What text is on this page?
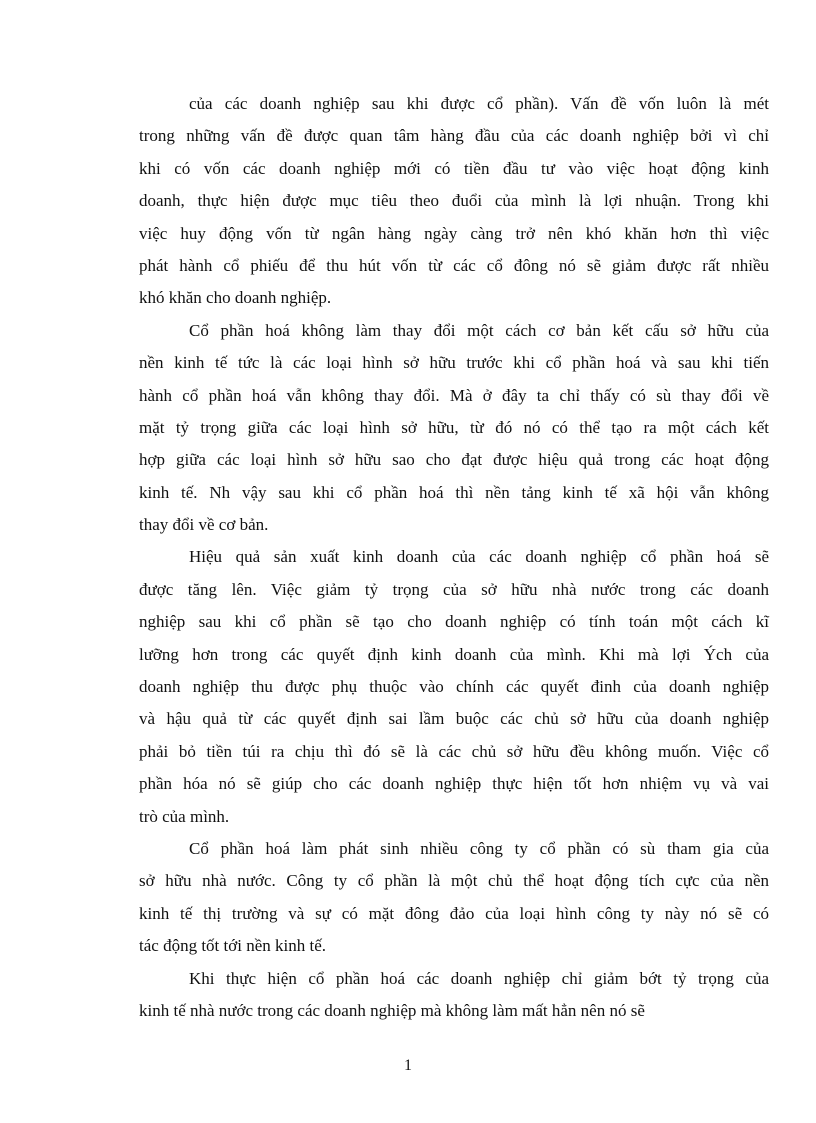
của các doanh nghiệp sau khi được cổ phần). Vấn đề vốn luôn là mét
trong những vấn đề được quan tâm hàng đầu của các doanh nghiệp bởi vì chỉ
khi có vốn các doanh nghiệp mới có tiền đầu tư vào việc hoạt động kinh
doanh, thực hiện được mục tiêu theo đuổi của mình là lợi nhuận. Trong khi
việc huy động vốn từ ngân hàng ngày càng trở nên khó khăn hơn thì việc
phát hành cổ phiếu để thu hút vốn từ các cổ đông nó sẽ giảm được rất nhiều
khó khăn cho doanh nghiệp.
Cổ phần hoá không làm thay đổi một cách cơ bản kết cấu sở hữu của
nền kinh tế tức là các loại hình sở hữu trước khi cổ phần hoá và sau khi tiến
hành cổ phần hoá vẫn không thay đổi. Mà ở đây ta chỉ thấy có sù thay đổi về
mặt tỷ trọng giữa các loại hình sở hữu, từ đó nó có thể tạo ra một cách kết
hợp giữa các loại hình sở hữu sao cho đạt được hiệu quả trong các hoạt động
kinh tế. Nh vậy sau khi cổ phần hoá thì nền tảng kinh tế xã hội vẫn không
thay đổi về cơ bản.
Hiệu quả sản xuất kinh doanh của các doanh nghiệp cổ phần hoá sẽ
được tăng lên. Việc giảm tỷ trọng của sở hữu nhà nước trong các doanh
nghiệp sau khi cổ phần sẽ tạo cho doanh nghiệp có tính toán một cách kĩ
lưỡng hơn trong các quyết định kinh doanh của mình. Khi mà lợi Ých của
doanh nghiệp thu được phụ thuộc vào chính các quyết đinh của doanh nghiệp
và hậu quả từ các quyết định sai lầm buộc các chủ sở hữu của doanh nghiệp
phải bỏ tiền túi ra chịu thì đó sẽ là các chủ sở hữu đều không muốn. Việc cổ
phần hóa nó sẽ giúp cho các doanh nghiệp thực hiện tốt hơn nhiệm vụ và vai
trò của mình.
Cổ phần hoá làm phát sinh nhiều công ty cổ phần có sù tham gia của
sở hữu nhà nước. Công ty cổ phần là một chủ thể hoạt động tích cực của nền
kinh tế thị trường và sự có mặt đông đảo của loại hình công ty này nó sẽ có
tác động tốt tới nền kinh tế.
Khi thực hiện cổ phần hoá các doanh nghiệp chỉ giảm bớt tỷ trọng của
kinh tế nhà nước trong các doanh nghiệp mà không làm mất hẳn nên nó sẽ
1
